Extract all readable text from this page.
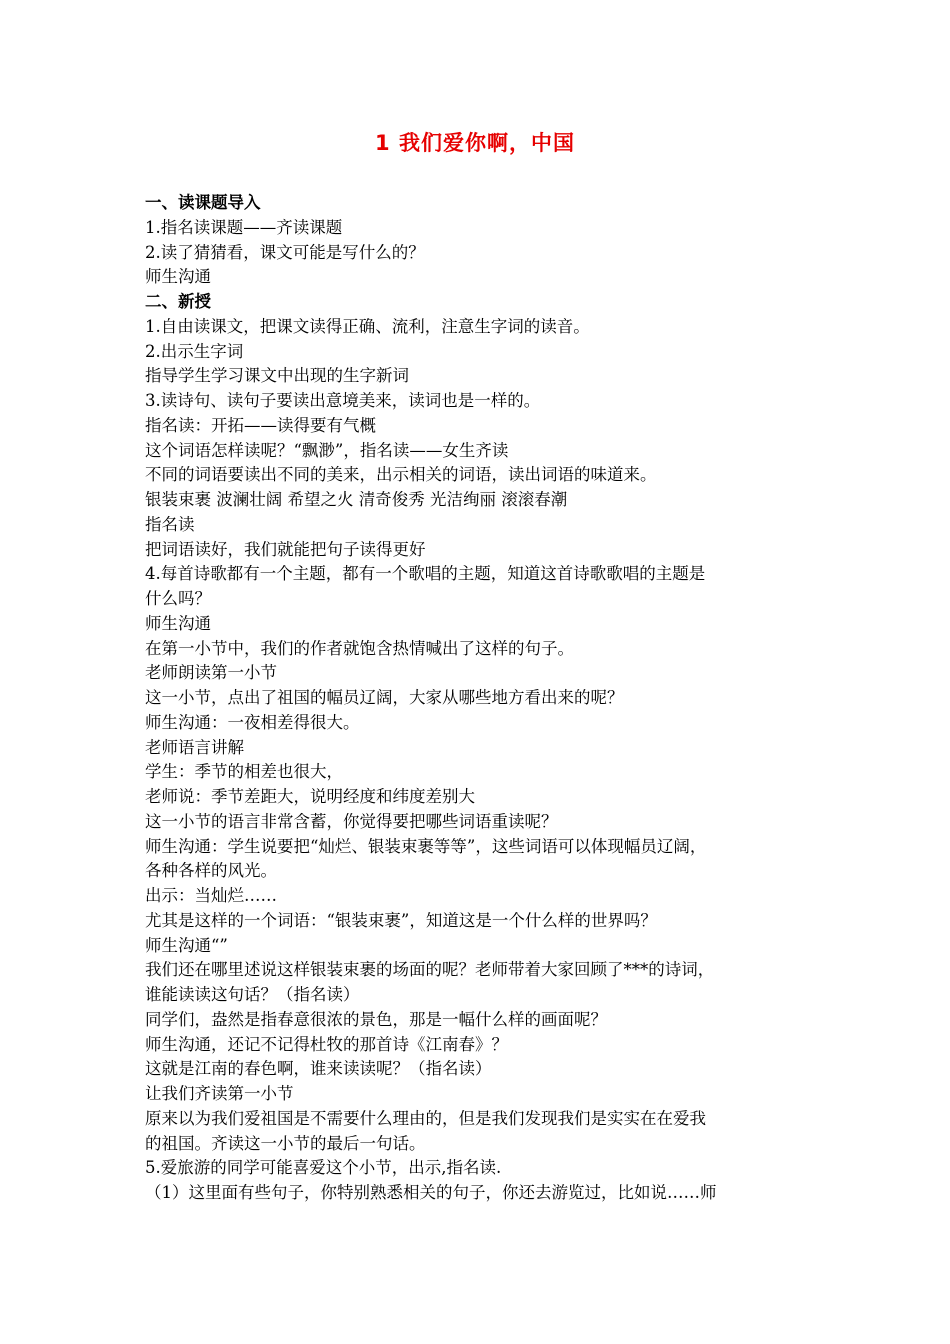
1 我们爱你啊，中国
一、读课题导入
1.指名读课题——齐读课题
2.读了猜猜看，课文可能是写什么的？
师生沟通
二、新授
1.自由读课文，把课文读得正确、流利，注意生字词的读音。
2.出示生字词
指导学生学习课文中出现的生字新词
3.读诗句、读句子要读出意境美来，读词也是一样的。
指名读：开拓——读得要有气概
这个词语怎样读呢？“飘渺”，指名读——女生齐读
不同的词语要读出不同的美来，出示相关的词语，读出词语的味道来。
银装束裹 波澜壮阔 希望之火 清奇俊秀 光洁绚丽 滚滚春潮
指名读
把词语读好，我们就能把句子读得更好
4.每首诗歌都有一个主题，都有一个歌唱的主题，知道这首诗歌歌唱的主题是
什么吗？
师生沟通
在第一小节中，我们的作者就饱含热情喊出了这样的句子。
老师朗读第一小节
这一小节，点出了祖国的幅员辽阔，大家从哪些地方看出来的呢？
师生沟通：一夜相差得很大。
老师语言讲解
学生：季节的相差也很大，
老师说：季节差距大，说明经度和纬度差别大
这一小节的语言非常含蓄，你觉得要把哪些词语重读呢？
师生沟通：学生说要把“灿烂、银装束裹等等”，这些词语可以体现幅员辽阔，
各种各样的风光。
出示：当灿烂……
尤其是这样的一个词语：“银装束裹”，知道这是一个什么样的世界吗？
师生沟通“”
我们还在哪里述说这样银装束裹的场面的呢？老师带着大家回顾了***的诗词，
谁能读读这句话？（指名读）
同学们，盎然是指春意很浓的景色，那是一幅什么样的画面呢？
师生沟通，还记不记得杜牧的那首诗《江南春》？
这就是江南的春色啊，谁来读读呢？（指名读）
让我们齐读第一小节
原来以为我们爱祖国是不需要什么理由的，但是我们发现我们是实实在在爱我
的祖国。齐读这一小节的最后一句话。
5.爱旅游的同学可能喜爱这个小节，出示,指名读.
（1）这里面有些句子，你特别熟悉相关的句子，你还去游览过，比如说……师
